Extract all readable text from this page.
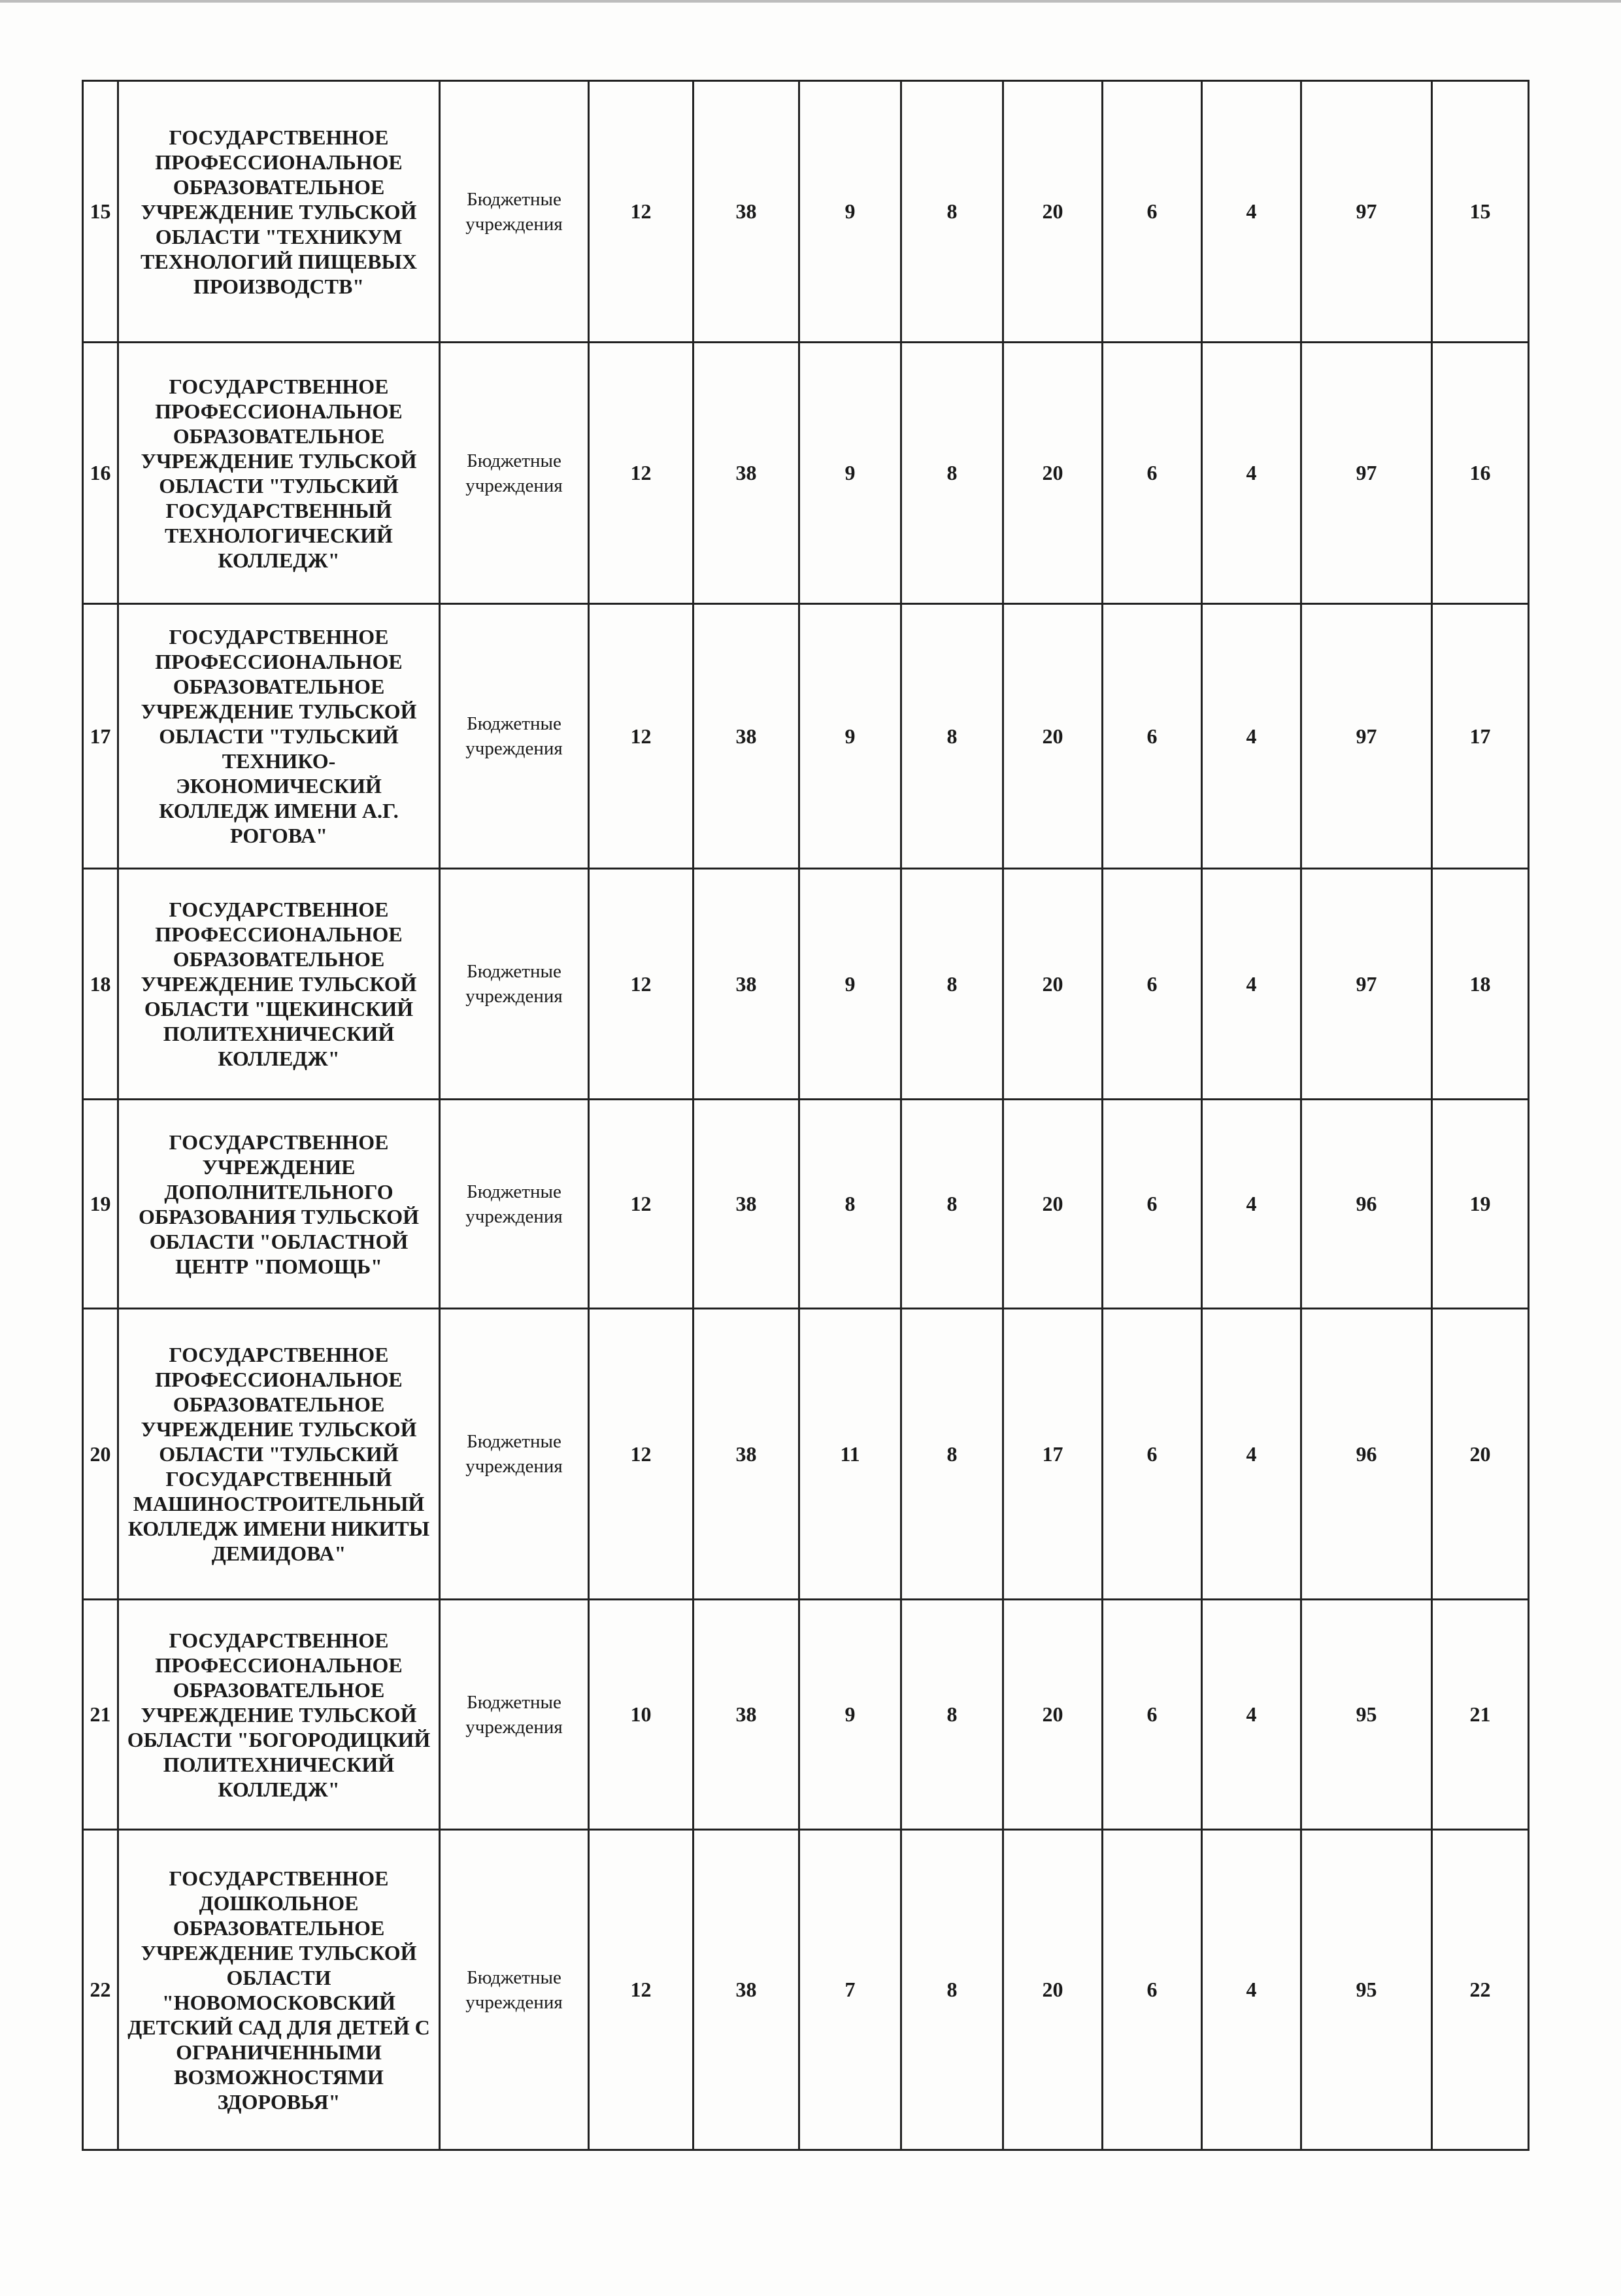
15	ГОСУДАРСТВЕННОЕ ПРОФЕССИОНАЛЬНОЕ ОБРАЗОВАТЕЛЬНОЕ УЧРЕЖДЕНИЕ ТУЛЬСКОЙ ОБЛАСТИ "ТЕХНИКУМ ТЕХНОЛОГИЙ ПИЩЕВЫХ ПРОИЗВОДСТВ"	Бюджетные учреждения	12	38	9	8	20	6	4	97	15
16	ГОСУДАРСТВЕННОЕ ПРОФЕССИОНАЛЬНОЕ ОБРАЗОВАТЕЛЬНОЕ УЧРЕЖДЕНИЕ ТУЛЬСКОЙ ОБЛАСТИ "ТУЛЬСКИЙ ГОСУДАРСТВЕННЫЙ ТЕХНОЛОГИЧЕСКИЙ КОЛЛЕДЖ"	Бюджетные учреждения	12	38	9	8	20	6	4	97	16
17	ГОСУДАРСТВЕННОЕ ПРОФЕССИОНАЛЬНОЕ ОБРАЗОВАТЕЛЬНОЕ УЧРЕЖДЕНИЕ ТУЛЬСКОЙ ОБЛАСТИ "ТУЛЬСКИЙ ТЕХНИКО-ЭКОНОМИЧЕСКИЙ КОЛЛЕДЖ ИМЕНИ А.Г. РОГОВА"	Бюджетные учреждения	12	38	9	8	20	6	4	97	17
18	ГОСУДАРСТВЕННОЕ ПРОФЕССИОНАЛЬНОЕ ОБРАЗОВАТЕЛЬНОЕ УЧРЕЖДЕНИЕ ТУЛЬСКОЙ ОБЛАСТИ "ЩЕКИНСКИЙ ПОЛИТЕХНИЧЕСКИЙ КОЛЛЕДЖ"	Бюджетные учреждения	12	38	9	8	20	6	4	97	18
19	ГОСУДАРСТВЕННОЕ УЧРЕЖДЕНИЕ ДОПОЛНИТЕЛЬНОГО ОБРАЗОВАНИЯ ТУЛЬСКОЙ ОБЛАСТИ "ОБЛАСТНОЙ ЦЕНТР "ПОМОЩЬ"	Бюджетные учреждения	12	38	8	8	20	6	4	96	19
20	ГОСУДАРСТВЕННОЕ ПРОФЕССИОНАЛЬНОЕ ОБРАЗОВАТЕЛЬНОЕ УЧРЕЖДЕНИЕ ТУЛЬСКОЙ ОБЛАСТИ "ТУЛЬСКИЙ ГОСУДАРСТВЕННЫЙ МАШИНОСТРОИТЕЛЬНЫЙ КОЛЛЕДЖ ИМЕНИ НИКИТЫ ДЕМИДОВА"	Бюджетные учреждения	12	38	11	8	17	6	4	96	20
21	ГОСУДАРСТВЕННОЕ ПРОФЕССИОНАЛЬНОЕ ОБРАЗОВАТЕЛЬНОЕ УЧРЕЖДЕНИЕ ТУЛЬСКОЙ ОБЛАСТИ "БОГОРОДИЦКИЙ ПОЛИТЕХНИЧЕСКИЙ КОЛЛЕДЖ"	Бюджетные учреждения	10	38	9	8	20	6	4	95	21
22	ГОСУДАРСТВЕННОЕ ДОШКОЛЬНОЕ ОБРАЗОВАТЕЛЬНОЕ УЧРЕЖДЕНИЕ ТУЛЬСКОЙ ОБЛАСТИ "НОВОМОСКОВСКИЙ ДЕТСКИЙ САД ДЛЯ ДЕТЕЙ С ОГРАНИЧЕННЫМИ ВОЗМОЖНОСТЯМИ ЗДОРОВЬЯ"	Бюджетные учреждения	12	38	7	8	20	6	4	95	22
